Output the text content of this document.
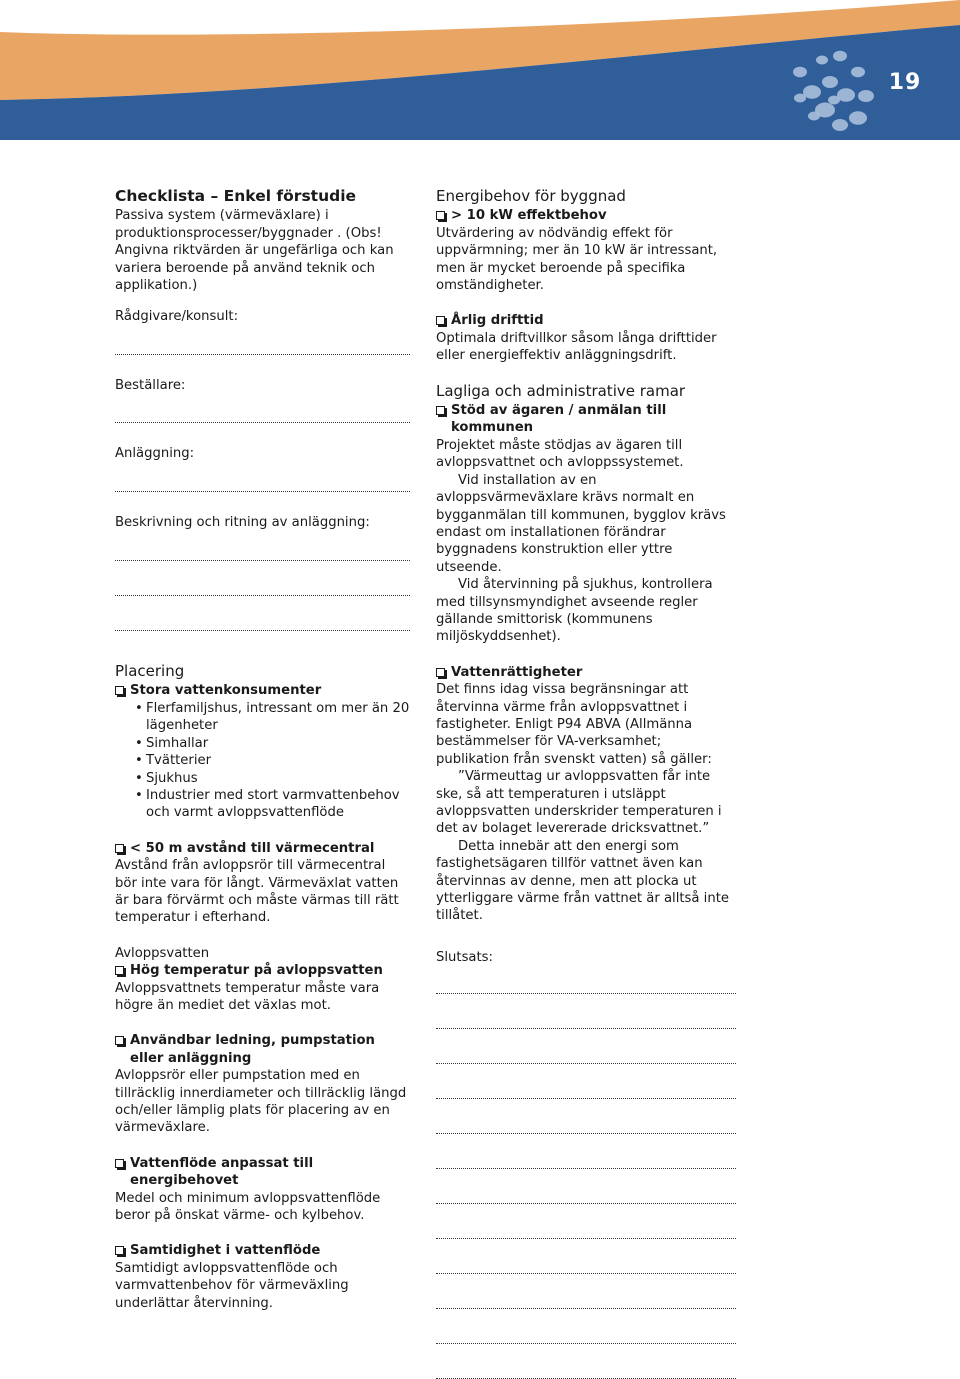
19
Checklista – Enkel förstudie

Passiva system (värmeväxlare) i produktionsprocesser/byggnader . (Obs! Angivna riktvärden är ungefärliga och kan variera beroende på använd teknik och applikation.)

Rådgivare/konsult:

Beställare:

Anläggning:

Beskrivning och ritning av anläggning:

Placering
Stora vattenkonsumenter
• Flerfamiljshus, intressant om mer än 20 lägenheter
• Simhallar
• Tvätterier
• Sjukhus
• Industrier med stort varmvattenbehov och varmt avloppsvattenflöde
< 50 m avstånd till värmecentral

Avstånd från avloppsrör till värmecentral bör inte vara för långt. Värmeväxlat vatten är bara förvärmt och måste värmas till rätt temperatur i efterhand.

Avloppsvatten
Hög temperatur på avloppsvatten

Avloppsvattnets temperatur måste vara högre än mediet det växlas mot.

Användbar ledning, pumpstation eller anläggning

Avloppsrör eller pumpstation med en tillräcklig innerdiameter och tillräcklig längd och/eller lämplig plats för placering av en värmeväxlare.

Vattenflöde anpassat till energibehovet

Medel och minimum avloppsvattenflöde beror på önskat värme- och kylbehov.

Samtidighet i vattenflöde

Samtidigt avloppsvattenflöde och varmvattenbehov för värmeväxling underlättar återvinning.

Energibehov för byggnad
> 10 kW effektbehov

Utvärdering av nödvändig effekt för uppvärmning; mer än 10 kW är intressant, men är mycket beroende på specifika omständigheter.

Årlig drifttid

Optimala driftvillkor såsom långa drifttider eller energieffektiv anläggningsdrift.

Lagliga och administrative ramar
Stöd av ägaren / anmälan till kommunen

Projektet måste stödjas av ägaren till avloppsvattnet och avloppssystemet.

Vid installation av en avloppsvärmeväxlare krävs normalt en bygganmälan till kommunen, bygglov krävs endast om installationen förändrar byggnadens konstruktion eller yttre utseende.

Vid återvinning på sjukhus, kontrollera med tillsynsmyndighet avseende regler gällande smittorisk (kommunens miljöskyddsenhet).

Vattenrättigheter

Det finns idag vissa begränsningar att återvinna värme från avloppsvattnet i fastigheter. Enligt P94 ABVA (Allmänna bestämmelser för VA-verksamhet; publikation från svenskt vatten) så gäller:

”Värmeuttag ur avloppsvatten får inte ske, så att temperaturen i utsläppt avloppsvatten underskrider temperaturen i det av bolaget levererade dricksvattnet.”

Detta innebär att den energi som fastighetsägaren tillför vattnet även kan återvinnas av denne, men att plocka ut ytterliggare värme från vattnet är alltså inte tillåtet.

Slutsats:
